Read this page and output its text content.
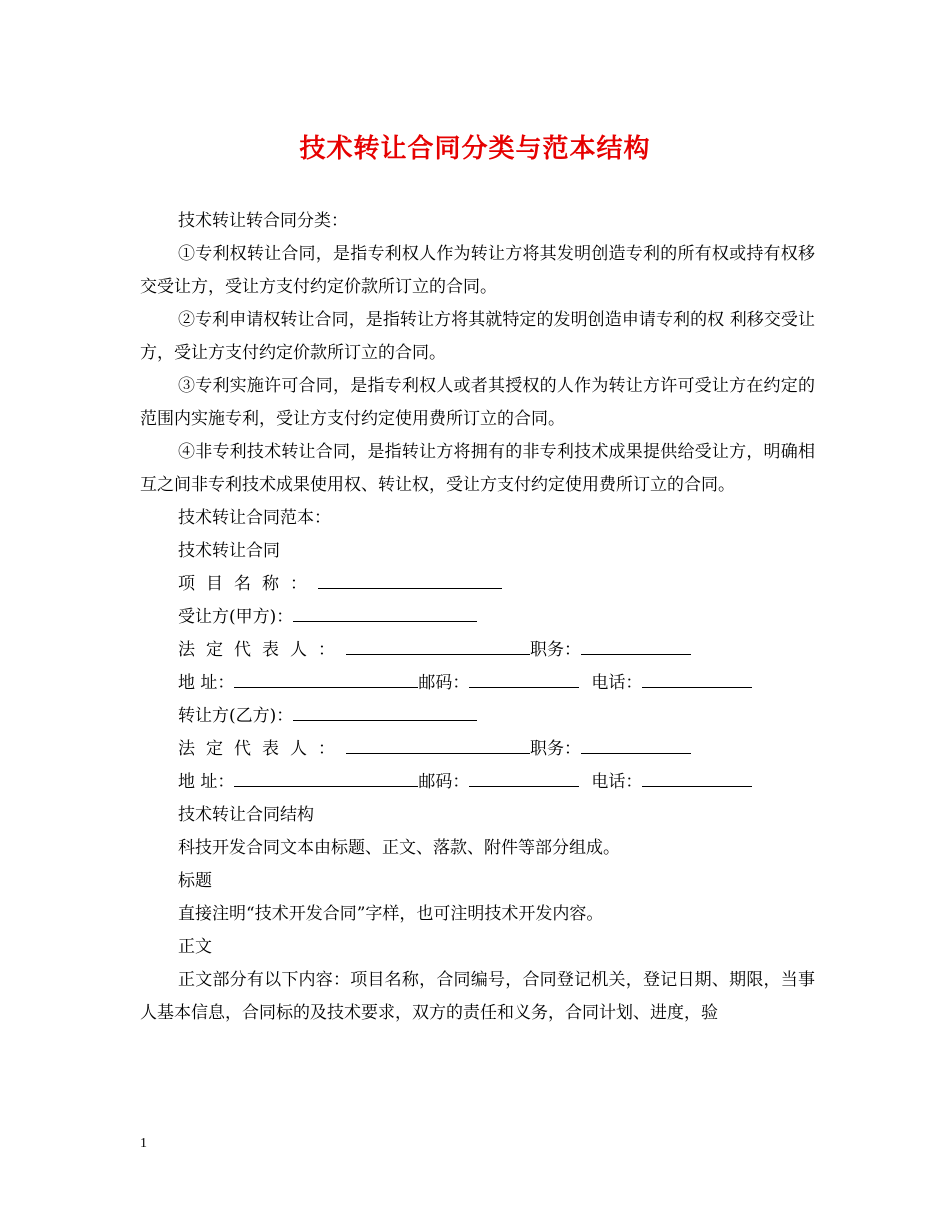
技术转让合同分类与范本结构

技术转让转合同分类：

①专利权转让合同，是指专利权人作为转让方将其发明创造专利的所有权或持有权移交受让方，受让方支付约定价款所订立的合同。

②专利申请权转让合同，是指转让方将其就特定的发明创造申请专利的权 利移交受让方，受让方支付约定价款所订立的合同。

③专利实施许可合同，是指专利权人或者其授权的人作为转让方许可受让方在约定的范围内实施专利，受让方支付约定使用费所订立的合同。

④非专利技术转让合同，是指转让方将拥有的非专利技术成果提供给受让方，明确相互之间非专利技术成果使用权、转让权，受让方支付约定使用费所订立的合同。

技术转让合同范本：

技术转让合同

项目名称：

受让方(甲方)：

法定代表人：	职务：

地 址：	邮码：	电话：

转让方(乙方)：

法定代表人：	职务：

地 址：	邮码：	电话：

技术转让合同结构

科技开发合同文本由标题、正文、落款、附件等部分组成。

标题

直接注明“技术开发合同”字样，也可注明技术开发内容。

正文

正文部分有以下内容：项目名称，合同编号，合同登记机关，登记日期、期限，当事人基本信息，合同标的及技术要求，双方的责任和义务，合同计划、进度，验

1
